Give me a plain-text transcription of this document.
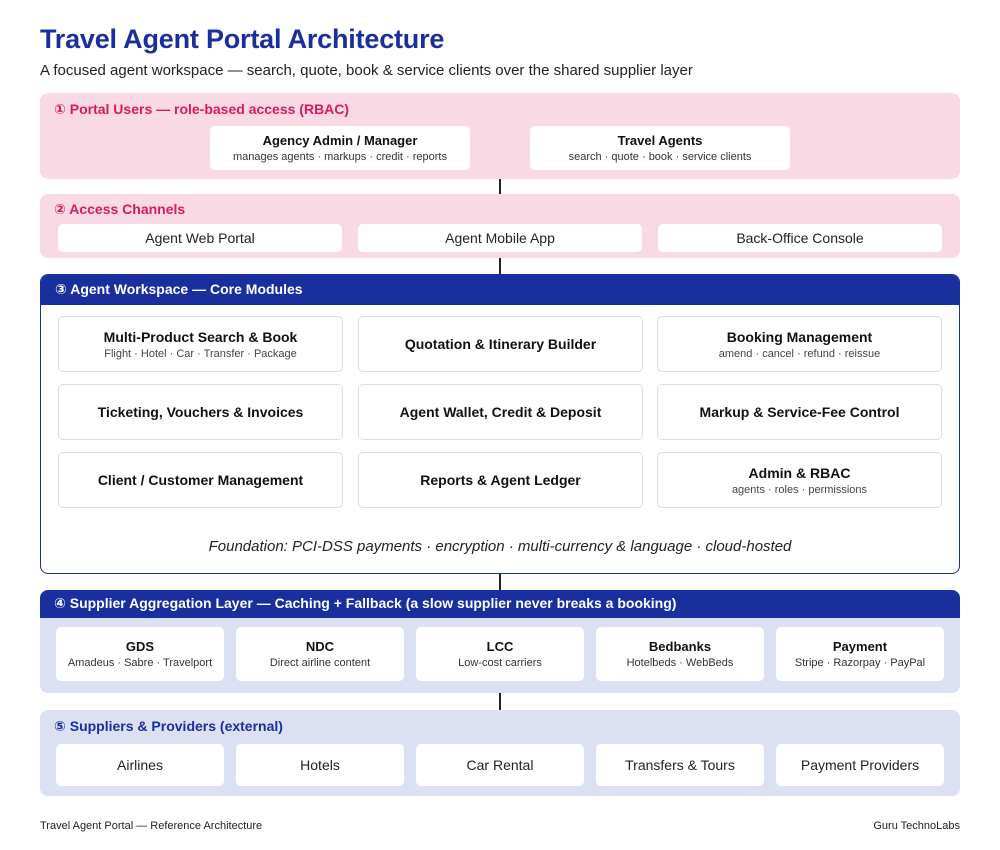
Travel Agent Portal Architecture
A focused agent workspace — search, quote, book & service clients over the shared supplier layer
① Portal Users — role-based access (RBAC)
Agency Admin / Manager
manages agents · markups · credit · reports
Travel Agents
search · quote · book · service clients
② Access Channels
Agent Web Portal	Agent Mobile App	Back-Office Console
③ Agent Workspace — Core Modules
Multi-Product Search & Book
Flight · Hotel · Car · Transfer · Package
Quotation & Itinerary Builder	Booking Management
amend · cancel · refund · reissue
Ticketing, Vouchers & Invoices	Agent Wallet, Credit & Deposit	Markup & Service-Fee Control
Client / Customer Management	Reports & Agent Ledger	Admin & RBAC
agents · roles · permissions
Foundation: PCI-DSS payments · encryption · multi-currency & language · cloud-hosted
④ Supplier Aggregation Layer — Caching + Fallback (a slow supplier never breaks a booking)
GDS
Amadeus · Sabre · Travelport
NDC
Direct airline content
LCC
Low-cost carriers
Bedbanks
Hotelbeds · WebBeds
Payment
Stripe · Razorpay · PayPal
⑤ Suppliers & Providers (external)
Airlines	Hotels	Car Rental	Transfers & Tours	Payment Providers
Travel Agent Portal — Reference Architecture	Guru TechnoLabs
